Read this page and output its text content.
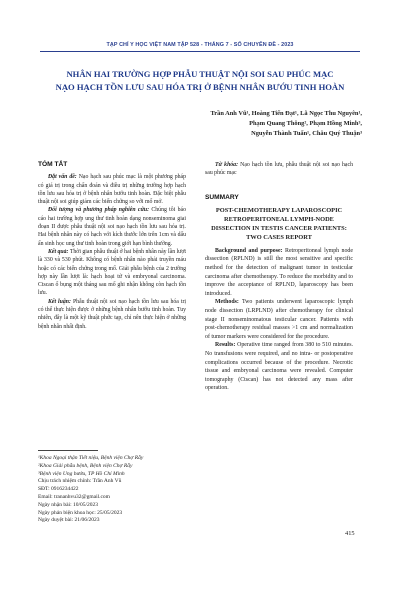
TẠP CHÍ Y HỌC VIỆT NAM TẬP 528 - THÁNG 7 - SỐ CHUYÊN ĐỀ - 2023
NHÂN HAI TRƯỜNG HỢP PHẪU THUẬT NỘI SOI SAU PHÚC MẠC
NẠO HẠCH TỒN LƯU SAU HÓA TRỊ Ở BỆNH NHÂN BƯỚU TINH HOÀN
Trần Anh Vũ¹, Hoàng Tiến Đạt¹, Lã Ngọc Thu Nguyên¹,
Phạm Quang Thông², Phạm Hồng Minh³,
Nguyễn Thành Tuấn¹, Châu Quý Thuận³
TÓM TẮT

Đặt vấn đề: Nạo hạch sau phúc mạc là một phương pháp có giá trị trong chẩn đoán và điều trị những trường hợp hạch tồn lưu sau hóa trị ở bệnh nhân bướu tinh hoàn. Đặc biệt phẫu thuật nội soi giúp giảm các biến chứng so với mổ mở.

Đối tượng và phương pháp nghiên cứu: Chúng tôi báo cáo hai trường hợp ung thư tinh hoàn dạng nonseminoma giai đoạn II được phẫu thuật nội soi nạo hạch tồn lưu sau hóa trị. Hai bệnh nhân này có hạch với kích thước lớn trên 1cm và dấu ấn sinh học ung thư tinh hoàn trong giới hạn bình thường.

Kết quả: Thời gian phẫu thuật ở hai bệnh nhân này lần lượt là 330 và 530 phút. Không có bệnh nhân nào phải truyền máu hoặc có các biến chứng trong mổ. Giải phẫu bệnh của 2 trường hợp này lần lượt là: hạch hoại tử và embryonal carcinoma. Ctscan ổ bụng một tháng sau mổ ghi nhận không còn hạch tồn lưu.

Kết luận: Phẫu thuật nội soi nạo hạch tồn lưu sau hóa trị có thể thực hiện được ở những bệnh nhân bướu tinh hoàn. Tuy nhiên, đây là một kỹ thuật phức tạp, chỉ nên thực hiện ở những bệnh nhân nhất định.

¹Khoa Ngoại thận Tiết niệu, Bệnh viện Chợ Rẫy

²Khoa Giải phẫu bệnh, Bệnh viện Chợ Rẫy

³Bệnh viện Ung bướu, TP Hồ Chí Minh

Chịu trách nhiệm chính: Trần Anh Vũ

SĐT: 0916234422

Email: trananhvu32@gmail.com

Ngày nhận bài: 10/05/2023

Ngày phản biện khoa học: 25/05/2023

Ngày duyệt bài: 21/06/2023

Từ khóa: Nạo hạch tồn lưu, phẫu thuật nội soi nạo hạch sau phúc mạc

SUMMARY
POST-CHEMOTHERAPY LAPAROSCOPIC RETROPERITONEAL LYMPH-NODE DISSECTION IN TESTIS CANCER PATIENTS: TWO CASES REPORT

Background and purpose: Retroperitoneal lymph node dissection (RPLND) is still the most sensitive and specific method for the detection of malignant tumor in testicular carcinoma after chemotherapy. To reduce the morbidity and to improve the acceptance of RPLND, laparoscopy has been introduced.

Methods: Two patients underwent laparoscopic lymph node dissection (LRPLND) after chemotherapy for clinical stage II nonseminomatous testicular cancer. Patients with post-chemotherapy residual masses >1 cm and normalization of tumor markers were considered for the procedure.

Results: Operative time ranged from 380 to 510 minutes. No transfusions were required, and no intra- or postoperative complications occurred because of the procedure. Necrotic tissue and embryonal carcinoma were revealed. Computer tomography (Ctscan) has not detected any mass after operation.

415
